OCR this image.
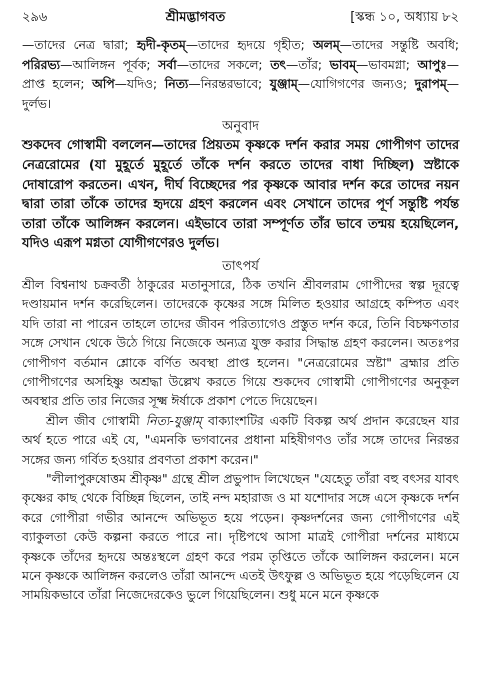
২৯৬	শ্রীমদ্ভাগবত	[স্কন্ধ ১০, অধ্যায় ৮২
—তাদের নেত্র দ্বারা; হৃদী-কৃতম্—তাদের হৃদয়ে গৃহীত; অলম্—তাদের সন্তুষ্টি অবধি; পরিরভ্য—আলিঙ্গন পূর্বক; সর্বা—তাদের সকলে; তৎ—তাঁর; ভাবম্—ভাবমগ্না; আপুঃ—প্রাপ্ত হলেন; অপি—যদিও; নিত্য—নিরন্তরভাবে; যুঞ্জাম্—যোগিগণের জন্যও; দুরাপম্—দুর্লভ।
অনুবাদ
শুকদেব গোস্বামী বললেন—তাদের প্রিয়তম কৃষ্ণকে দর্শন করার সময় গোপীগণ তাদের নেত্ররোমের (যা মুহূর্তে মুহূর্তে তাঁকে দর্শন করতে তাদের বাধা দিচ্ছিল) স্রষ্টাকে দোষারোপ করতেন। এখন, দীর্ঘ বিচ্ছেদের পর কৃষ্ণকে আবার দর্শন করে তাদের নয়ন দ্বারা তারা তাঁকে তাদের হৃদয়ে গ্রহণ করলেন এবং সেখানে তাদের পূর্ণ সন্তুষ্টি পর্যন্ত তারা তাঁকে আলিঙ্গন করলেন। এইভাবে তারা সম্পূর্ণত তাঁর ভাবে তন্ময় হয়েছিলেন, যদিও এরূপ মগ্নতা যোগীগণেরও দুর্লভ।
তাৎপর্য

শ্রীল বিশ্বনাথ চক্রবর্তী ঠাকুরের মতানুসারে, ঠিক তখনি শ্রীবলরাম গোপীদের স্বল্প দূরত্বে দণ্ডায়মান দর্শন করেছিলেন। তাদেরকে কৃষ্ণের সঙ্গে মিলিত হওয়ার আগ্রহে কম্পিত এবং যদি তারা না পারেন তাহলে তাদের জীবন পরিত্যাগেও প্রস্তুত দর্শন করে, তিনি বিচক্ষণতার সঙ্গে সেখান থেকে উঠে গিয়ে নিজেকে অন্যত্র যুক্ত করার সিদ্ধান্ত গ্রহণ করলেন। অতঃপর গোপীগণ বর্তমান শ্লোকে বর্ণিত অবস্থা প্রাপ্ত হলেন। "নেত্ররোমের স্রষ্টা" ব্রহ্মার প্রতি গোপীগণের অসহিষ্ণু অশ্রদ্ধা উল্লেখ করতে গিয়ে শুকদেব গোস্বামী গোপীগণের অনুকূল অবস্থার প্রতি তার নিজের সূক্ষ্ম ঈর্ষাকে প্রকাশ পেতে দিয়েছেন।

শ্রীল জীব গোস্বামী নিত্য-যুঞ্জাম্ বাক্যাংশটির একটি বিকল্প অর্থ প্রদান করেছেন যার অর্থ হতে পারে এই যে, "এমনকি ভগবানের প্রধানা মহিষীগণও তাঁর সঙ্গে তাদের নিরন্তর সঙ্গের জন্য গর্বিত হওয়ার প্রবণতা প্রকাশ করেন।"

"লীলাপুরুষোত্তম শ্রীকৃষ্ণ" গ্রন্থে শ্রীল প্রভুপাদ লিখেছেন "যেহেতু তাঁরা বহু বৎসর যাবৎ কৃষ্ণের কাছ থেকে বিচ্ছিন্ন ছিলেন, তাই নন্দ মহারাজ ও মা যশোদার সঙ্গে এসে কৃষ্ণকে দর্শন করে গোপীরা গভীর আনন্দে অভিভূত হয়ে পড়েন। কৃষ্ণদর্শনের জন্য গোপীগণের এই ব্যাকুলতা কেউ কল্পনা করতে পারে না। দৃষ্টিপথে আসা মাত্রই গোপীরা দর্শনের মাধ্যমে কৃষ্ণকে তাঁদের হৃদয়ে অন্তঃস্থলে গ্রহণ করে পরম তৃপ্তিতে তাঁকে আলিঙ্গন করলেন। মনে মনে কৃষ্ণকে আলিঙ্গন করলেও তাঁরা আনন্দে এতই উৎফুল্ল ও অভিভূত হয়ে পড়েছিলেন যে সাময়িকভাবে তাঁরা নিজেদেরকেও ভুলে গিয়েছিলেন। শুধু মনে মনে কৃষ্ণকে
